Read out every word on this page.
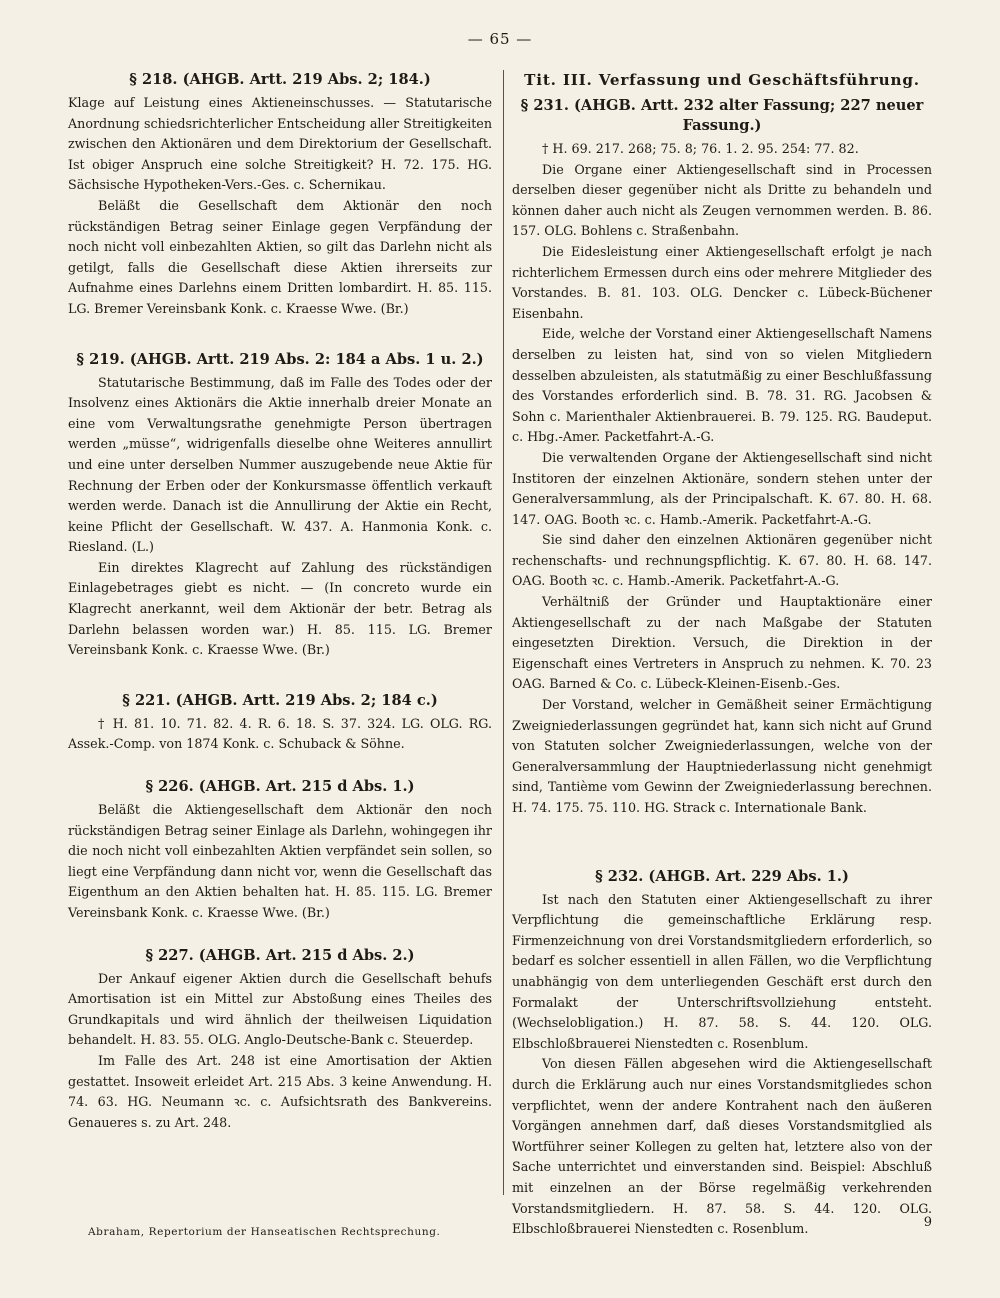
— 65 —
§ 218. (AHGB. Artt. 219 Abs. 2; 184.)

Klage auf Leistung eines Aktieneinschusses. — Statutarische Anordnung schiedsrichterlicher Entscheidung aller Streitigkeiten zwischen den Aktionären und dem Direktorium der Gesellschaft. Ist obiger Anspruch eine solche Streitigkeit? H. 72. 175. HG. Sächsische Hypotheken-Vers.-Ges. c. Schernikau.

Beläßt die Gesellschaft dem Aktionär den noch rückständigen Betrag seiner Einlage gegen Verpfändung der noch nicht voll einbezahlten Aktien, so gilt das Darlehn nicht als getilgt, falls die Gesellschaft diese Aktien ihrerseits zur Aufnahme eines Darlehns einem Dritten lombardirt. H. 85. 115. LG. Bremer Vereinsbank Konk. c. Kraesse Wwe. (Br.)

§ 219. (AHGB. Artt. 219 Abs. 2: 184 a Abs. 1 u. 2.)

Statutarische Bestimmung, daß im Falle des Todes oder der Insolvenz eines Aktionärs die Aktie innerhalb dreier Monate an eine vom Verwaltungsrathe genehmigte Person übertragen werden „müsse“, widrigenfalls dieselbe ohne Weiteres annullirt und eine unter derselben Nummer auszugebende neue Aktie für Rechnung der Erben oder der Konkursmasse öffentlich verkauft werden werde. Danach ist die Annullirung der Aktie ein Recht, keine Pflicht der Gesellschaft. W. 437. A. Hanmonia Konk. c. Riesland. (L.)

Ein direktes Klagrecht auf Zahlung des rückständigen Einlagebetrages giebt es nicht. — (In concreto wurde ein Klagrecht anerkannt, weil dem Aktionär der betr. Betrag als Darlehn belassen worden war.) H. 85. 115. LG. Bremer Vereinsbank Konk. c. Kraesse Wwe. (Br.)

§ 221. (AHGB. Artt. 219 Abs. 2; 184 c.)

† H. 81. 10. 71. 82. 4. R. 6. 18. S. 37. 324. LG. OLG. RG. Assek.-Comp. von 1874 Konk. c. Schuback & Söhne.

§ 226. (AHGB. Art. 215 d Abs. 1.)

Beläßt die Aktiengesellschaft dem Aktionär den noch rückständigen Betrag seiner Einlage als Darlehn, wohingegen ihr die noch nicht voll einbezahlten Aktien verpfändet sein sollen, so liegt eine Verpfändung dann nicht vor, wenn die Gesellschaft das Eigenthum an den Aktien behalten hat. H. 85. 115. LG. Bremer Vereinsbank Konk. c. Kraesse Wwe. (Br.)

§ 227. (AHGB. Art. 215 d Abs. 2.)

Der Ankauf eigener Aktien durch die Gesellschaft behufs Amortisation ist ein Mittel zur Abstoßung eines Theiles des Grundkapitals und wird ähnlich der theilweisen Liquidation behandelt. H. 83. 55. OLG. Anglo-Deutsche-Bank c. Steuerdep.

Im Falle des Art. 248 ist eine Amortisation der Aktien gestattet. Insoweit erleidet Art. 215 Abs. 3 keine Anwendung. H. 74. 63. HG. Neumann ꝛc. c. Aufsichtsrath des Bankvereins. Genaueres s. zu Art. 248.

Tit. III. Verfassung und Geschäftsführung.
§ 231. (AHGB. Artt. 232 alter Fassung; 227 neuer Fassung.)

† H. 69. 217. 268; 75. 8; 76. 1. 2. 95. 254: 77. 82.

Die Organe einer Aktiengesellschaft sind in Processen derselben dieser gegenüber nicht als Dritte zu behandeln und können daher auch nicht als Zeugen vernommen werden. B. 86. 157. OLG. Bohlens c. Straßenbahn.

Die Eidesleistung einer Aktiengesellschaft erfolgt je nach richterlichem Ermessen durch eins oder mehrere Mitglieder des Vorstandes. B. 81. 103. OLG. Dencker c. Lübeck-Büchener Eisenbahn.

Eide, welche der Vorstand einer Aktiengesellschaft Namens derselben zu leisten hat, sind von so vielen Mitgliedern desselben abzuleisten, als statutmäßig zu einer Beschlußfassung des Vorstandes erforderlich sind. B. 78. 31. RG. Jacobsen & Sohn c. Marienthaler Aktienbrauerei. B. 79. 125. RG. Baudeput. c. Hbg.-Amer. Packetfahrt-A.-G.

Die verwaltenden Organe der Aktiengesellschaft sind nicht Institoren der einzelnen Aktionäre, sondern stehen unter der Generalversammlung, als der Principalschaft. K. 67. 80. H. 68. 147. OAG. Booth ꝛc. c. Hamb.-Amerik. Packetfahrt-A.-G.

Sie sind daher den einzelnen Aktionären gegenüber nicht rechenschafts- und rechnungspflichtig. K. 67. 80. H. 68. 147. OAG. Booth ꝛc. c. Hamb.-Amerik. Packetfahrt-A.-G.

Verhältniß der Gründer und Hauptaktionäre einer Aktiengesellschaft zu der nach Maßgabe der Statuten eingesetzten Direktion. Versuch, die Direktion in der Eigenschaft eines Vertreters in Anspruch zu nehmen. K. 70. 23 OAG. Barned & Co. c. Lübeck-Kleinen-Eisenb.-Ges.

Der Vorstand, welcher in Gemäßheit seiner Ermächtigung Zweigniederlassungen gegründet hat, kann sich nicht auf Grund von Statuten solcher Zweigniederlassungen, welche von der Generalversammlung der Hauptniederlassung nicht genehmigt sind, Tantième vom Gewinn der Zweigniederlassung berechnen. H. 74. 175. 75. 110. HG. Strack c. Internationale Bank.

§ 232. (AHGB. Art. 229 Abs. 1.)

Ist nach den Statuten einer Aktiengesellschaft zu ihrer Verpflichtung die gemeinschaftliche Erklärung resp. Firmenzeichnung von drei Vorstandsmitgliedern erforderlich, so bedarf es solcher essentiell in allen Fällen, wo die Verpflichtung unabhängig von dem unterliegenden Geschäft erst durch den Formalakt der Unterschriftsvollziehung entsteht. (Wechselobligation.) H. 87. 58. S. 44. 120. OLG. Elbschloßbrauerei Nienstedten c. Rosenblum.

Von diesen Fällen abgesehen wird die Aktiengesellschaft durch die Erklärung auch nur eines Vorstandsmitgliedes schon verpflichtet, wenn der andere Kontrahent nach den äußeren Vorgängen annehmen darf, daß dieses Vorstandsmitglied als Wortführer seiner Kollegen zu gelten hat, letztere also von der Sache unterrichtet und einverstanden sind. Beispiel: Abschluß mit einzelnen an der Börse regelmäßig verkehrenden Vorstandsmitgliedern. H. 87. 58. S. 44. 120. OLG. Elbschloßbrauerei Nienstedten c. Rosenblum.	9
Abraham, Repertorium der Hanseatischen Rechtsprechung.
